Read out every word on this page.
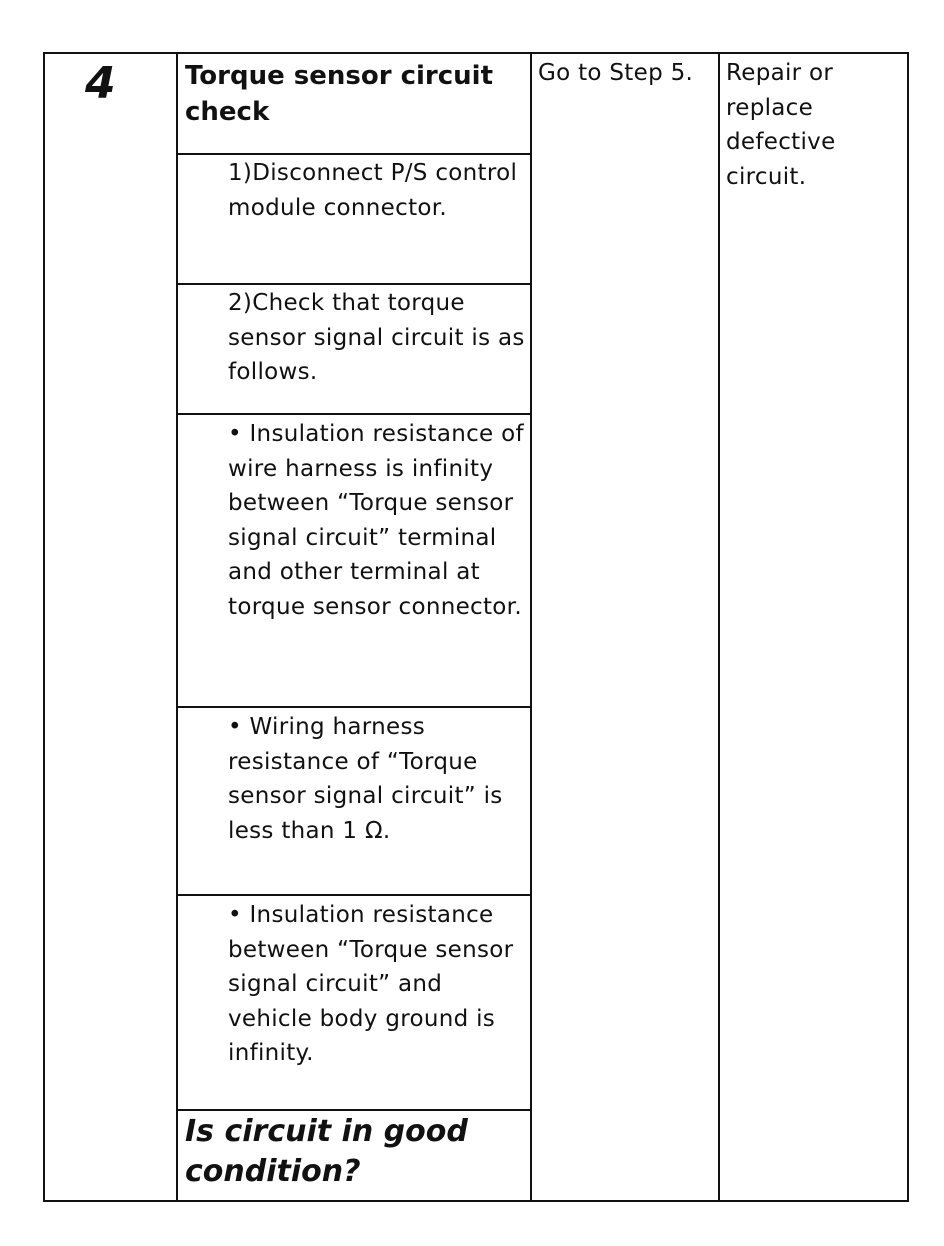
4	Torque sensor circuit check
1)Disconnect P/S control module connector.
2)Check that torque sensor signal circuit is as follows.
• Insulation resistance of wire harness is infinity between “Torque sensor signal circuit” terminal and other terminal at torque sensor connector.
• Wiring harness resistance of “Torque sensor signal circuit” is less than 1 Ω.
• Insulation resistance between “Torque sensor signal circuit” and vehicle body ground is infinity.
Is circuit in good condition?
Go to Step 5.	Repair or replace defective circuit.
